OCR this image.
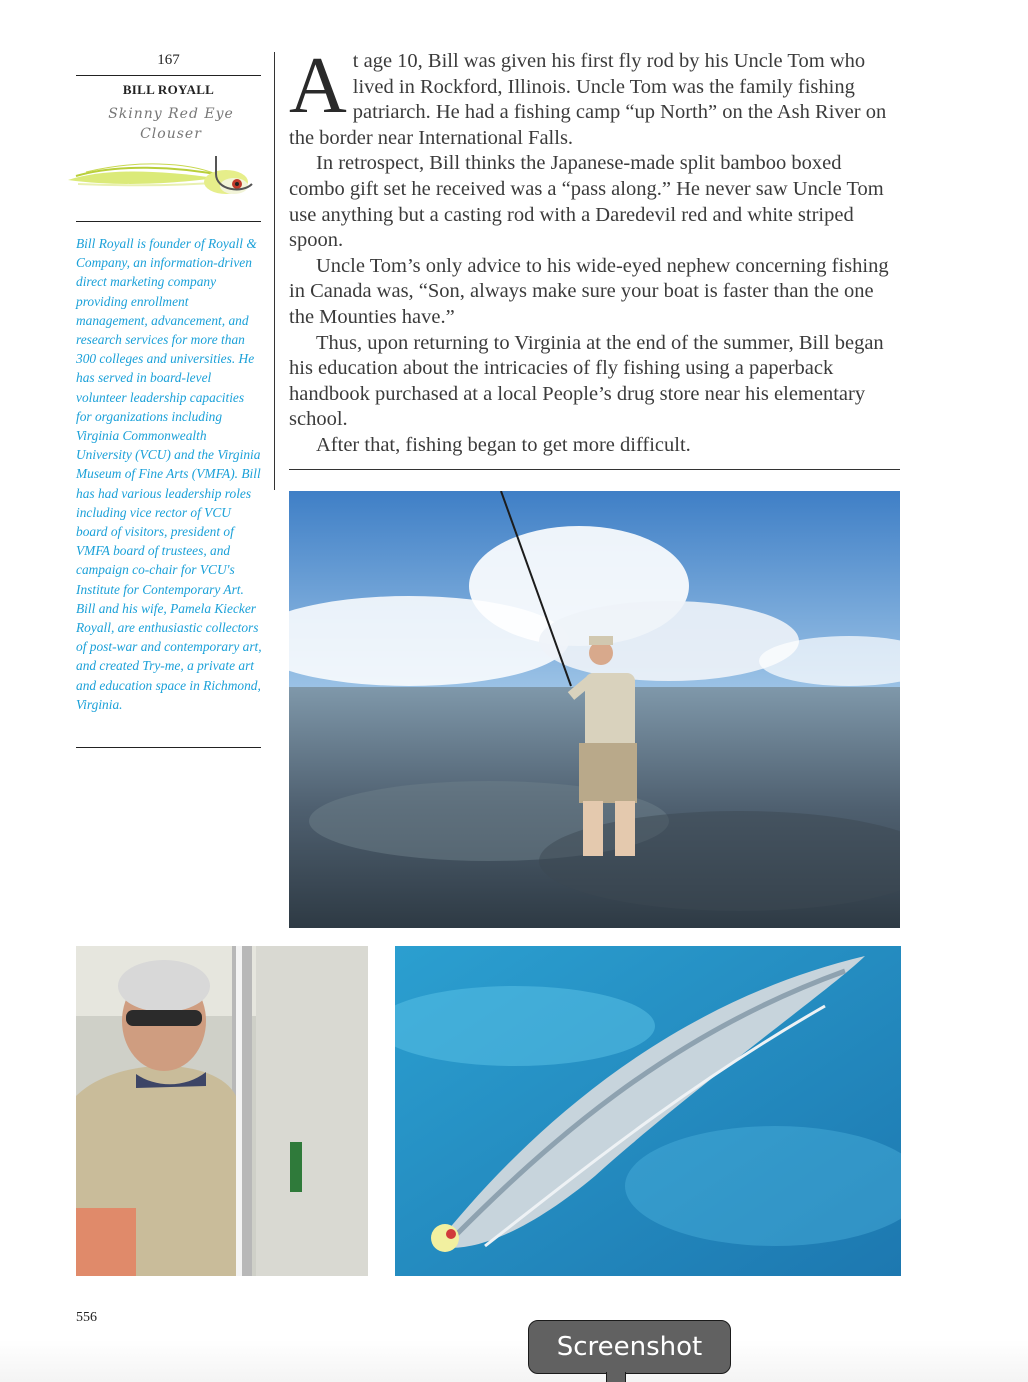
167
BILL ROYALL
Skinny Red Eye
Clouser
Bill Royall is founder of Royall & Company, an information-driven direct marketing company providing enrollment management, advancement, and research services for more than 300 colleges and universities. He has served in board-level volunteer leadership capacities for organizations including Virginia Commonwealth University (VCU) and the Virginia Museum of Fine Arts (VMFA). Bill has had various leadership roles including vice rector of VCU board of visitors, president of VMFA board of trustees, and campaign co-chair for VCU's Institute for Contemporary Art. Bill and his wife, Pamela Kiecker Royall, are enthusiastic collectors of post-war and contemporary art, and created Try-me, a private art and education space in Richmond, Virginia.

At age 10, Bill was given his first fly rod by his Uncle Tom who lived in Rockford, Illinois. Uncle Tom was the family fishing patriarch. He had a fishing camp “up North” on the Ash River on the border near International Falls.

In retrospect, Bill thinks the Japanese-made split bamboo boxed combo gift set he received was a “pass along.” He never saw Uncle Tom use anything but a casting rod with a Daredevil red and white striped spoon.

Uncle Tom’s only advice to his wide-eyed nephew concerning fishing in Canada was, “Son, always make sure your boat is faster than the one the Mounties have.”

Thus, upon returning to Virginia at the end of the summer, Bill began his education about the intricacies of fly fishing using a paperback handbook purchased at a local People’s drug store near his elementary school.

After that, fishing began to get more difficult.

556
Screenshot
